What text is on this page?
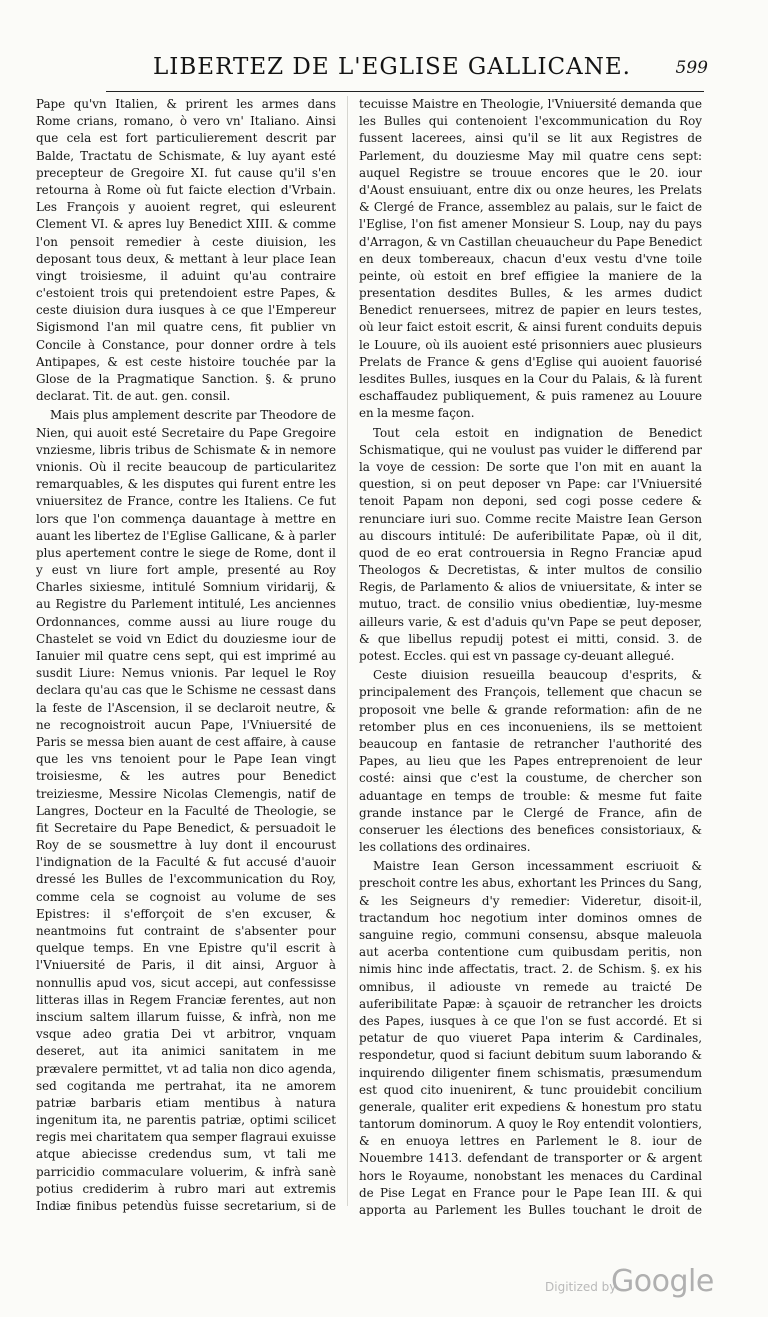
LIBERTEZ DE L'EGLISE GALLICANE.	599

Pape qu'vn Italien, & prirent les armes dans Rome crians, romano, ò vero vn' Italiano. Ainsi que cela est fort particulierement descrit par Balde, Tractatu de Schismate, & luy ayant esté precepteur de Gregoire XI. fut cause qu'il s'en retourna à Rome où fut faicte election d'Vrbain. Les François y auoient regret, qui esleurent Clement VI. & apres luy Benedict XIII. & comme l'on pensoit remedier à ceste diuision, les deposant tous deux, & mettant à leur place Iean vingt troisiesme, il aduint qu'au contraire c'estoient trois qui pretendoient estre Papes, & ceste diuision dura iusques à ce que l'Empereur Sigismond l'an mil quatre cens, fit publier vn Concile à Constance, pour donner ordre à tels Antipapes, & est ceste histoire touchée par la Glose de la Pragmatique Sanction. §. & pruno declarat. Tit. de aut. gen. consil.

Mais plus amplement descrite par Theodore de Nien, qui auoit esté Secretaire du Pape Gregoire vnziesme, libris tribus de Schismate & in nemore vnionis. Où il recite beaucoup de particularitez remarquables, & les disputes qui furent entre les vniuersitez de France, contre les Italiens. Ce fut lors que l'on commença dauantage à mettre en auant les libertez de l'Eglise Gallicane, & à parler plus apertement contre le siege de Rome, dont il y eust vn liure fort ample, presenté au Roy Charles sixiesme, intitulé Somnium viridarij, & au Registre du Parlement intitulé, Les anciennes Ordonnances, comme aussi au liure rouge du Chastelet se void vn Edict du douziesme iour de Ianuier mil quatre cens sept, qui est imprimé au susdit Liure: Nemus vnionis. Par lequel le Roy declara qu'au cas que le Schisme ne cessast dans la feste de l'Ascension, il se declaroit neutre, & ne recognoistroit aucun Pape, l'Vniuersité de Paris se messa bien auant de cest affaire, à cause que les vns tenoient pour le Pape Iean vingt troisiesme, & les autres pour Benedict treiziesme, Messire Nicolas Clemengis, natif de Langres, Docteur en la Faculté de Theologie, se fit Secretaire du Pape Benedict, & persuadoit le Roy de se sousmettre à luy dont il encourust l'indignation de la Faculté & fut accusé d'auoir dressé les Bulles de l'excommunication du Roy, comme cela se cognoist au volume de ses Epistres: il s'efforçoit de s'en excuser, & neantmoins fut contraint de s'absenter pour quelque temps. En vne Epistre qu'il escrit à l'Vniuersité de Paris, il dit ainsi, Arguor à nonnullis apud vos, sicut accepi, aut confessisse litteras illas in Regem Franciæ ferentes, aut non inscium saltem illarum fuisse, & infrà, non me vsque adeo gratia Dei vt arbitror, vnquam deseret, aut ita animici sanitatem in me prævalere permittet, vt ad talia non dico agenda, sed cogitanda me pertrahat, ita ne amorem patriæ barbaris etiam mentibus à natura ingenitum ita, ne parentis patriæ, optimi scilicet regis mei charitatem qua semper flagraui exuisse atque abiecisse credendus sum, vt tali me parricidio commaculare voluerim, & infrà sanè potius crediderim à rubro mari aut extremis Indiæ finibus petendùs fuisse secretarium, si de

tecuisse Maistre en Theologie, l'Vniuersité demanda que les Bulles qui contenoient l'excommunication du Roy fussent lacerees, ainsi qu'il se lit aux Registres de Parlement, du douziesme May mil quatre cens sept: auquel Registre se trouue encores que le 20. iour d'Aoust ensuiuant, entre dix ou onze heures, les Prelats & Clergé de France, assemblez au palais, sur le faict de l'Eglise, l'on fist amener Monsieur S. Loup, nay du pays d'Arragon, & vn Castillan cheuaucheur du Pape Benedict en deux tombereaux, chacun d'eux vestu d'vne toile peinte, où estoit en bref effigiee la maniere de la presentation desdites Bulles, & les armes dudict Benedict renuersees, mitrez de papier en leurs testes, où leur faict estoit escrit, & ainsi furent conduits depuis le Louure, où ils auoient esté prisonniers auec plusieurs Prelats de France & gens d'Eglise qui auoient fauorisé lesdites Bulles, iusques en la Cour du Palais, & là furent eschaffaudez publiquement, & puis ramenez au Louure en la mesme façon.

Tout cela estoit en indignation de Benedict Schismatique, qui ne voulust pas vuider le differend par la voye de cession: De sorte que l'on mit en auant la question, si on peut deposer vn Pape: car l'Vniuersité tenoit Papam non deponi, sed cogi posse cedere & renunciare iuri suo. Comme recite Maistre Iean Gerson au discours intitulé: De auferibilitate Papæ, où il dit, quod de eo erat controuersia in Regno Franciæ apud Theologos & Decretistas, & inter multos de consilio Regis, de Parlamento & alios de vniuersitate, & inter se mutuo, tract. de consilio vnius obedientiæ, luy-mesme ailleurs varie, & est d'aduis qu'vn Pape se peut deposer, & que libellus repudij potest ei mitti, consid. 3. de potest. Eccles. qui est vn passage cy-deuant allegué.

Ceste diuision resueilla beaucoup d'esprits, & principalement des François, tellement que chacun se proposoit vne belle & grande reformation: afin de ne retomber plus en ces inconueniens, ils se mettoient beaucoup en fantasie de retrancher l'authorité des Papes, au lieu que les Papes entreprenoient de leur costé: ainsi que c'est la coustume, de chercher son aduantage en temps de trouble: & mesme fut faite grande instance par le Clergé de France, afin de conseruer les élections des benefices consistoriaux, & les collations des ordinaires.

Maistre Iean Gerson incessamment escriuoit & preschoit contre les abus, exhortant les Princes du Sang, & les Seigneurs d'y remedier: Videretur, disoit-il, tractandum hoc negotium inter dominos omnes de sanguine regio, communi consensu, absque maleuola aut acerba contentione cum quibusdam peritis, non nimis hinc inde affectatis, tract. 2. de Schism. §. ex his omnibus, il adiouste vn remede au traicté De auferibilitate Papæ: à sçauoir de retrancher les droicts des Papes, iusques à ce que l'on se fust accordé. Et si petatur de quo viueret Papa interim & Cardinales, respondetur, quod si faciunt debitum suum laborando & inquirendo diligenter finem schismatis, præsumendum est quod cito inuenirent, & tunc prouidebit concilium generale, qualiter erit expediens & honestum pro statu tantorum dominorum. A quoy le Roy entendit volontiers, & en enuoya lettres en Parlement le 8. iour de Nouembre 1413. defendant de transporter or & argent hors le Royaume, nonobstant les menaces du Cardinal de Pise Legat en France pour le Pape Iean III. & qui apporta au Parlement les Bulles touchant le droit de

Digitized by
Google
